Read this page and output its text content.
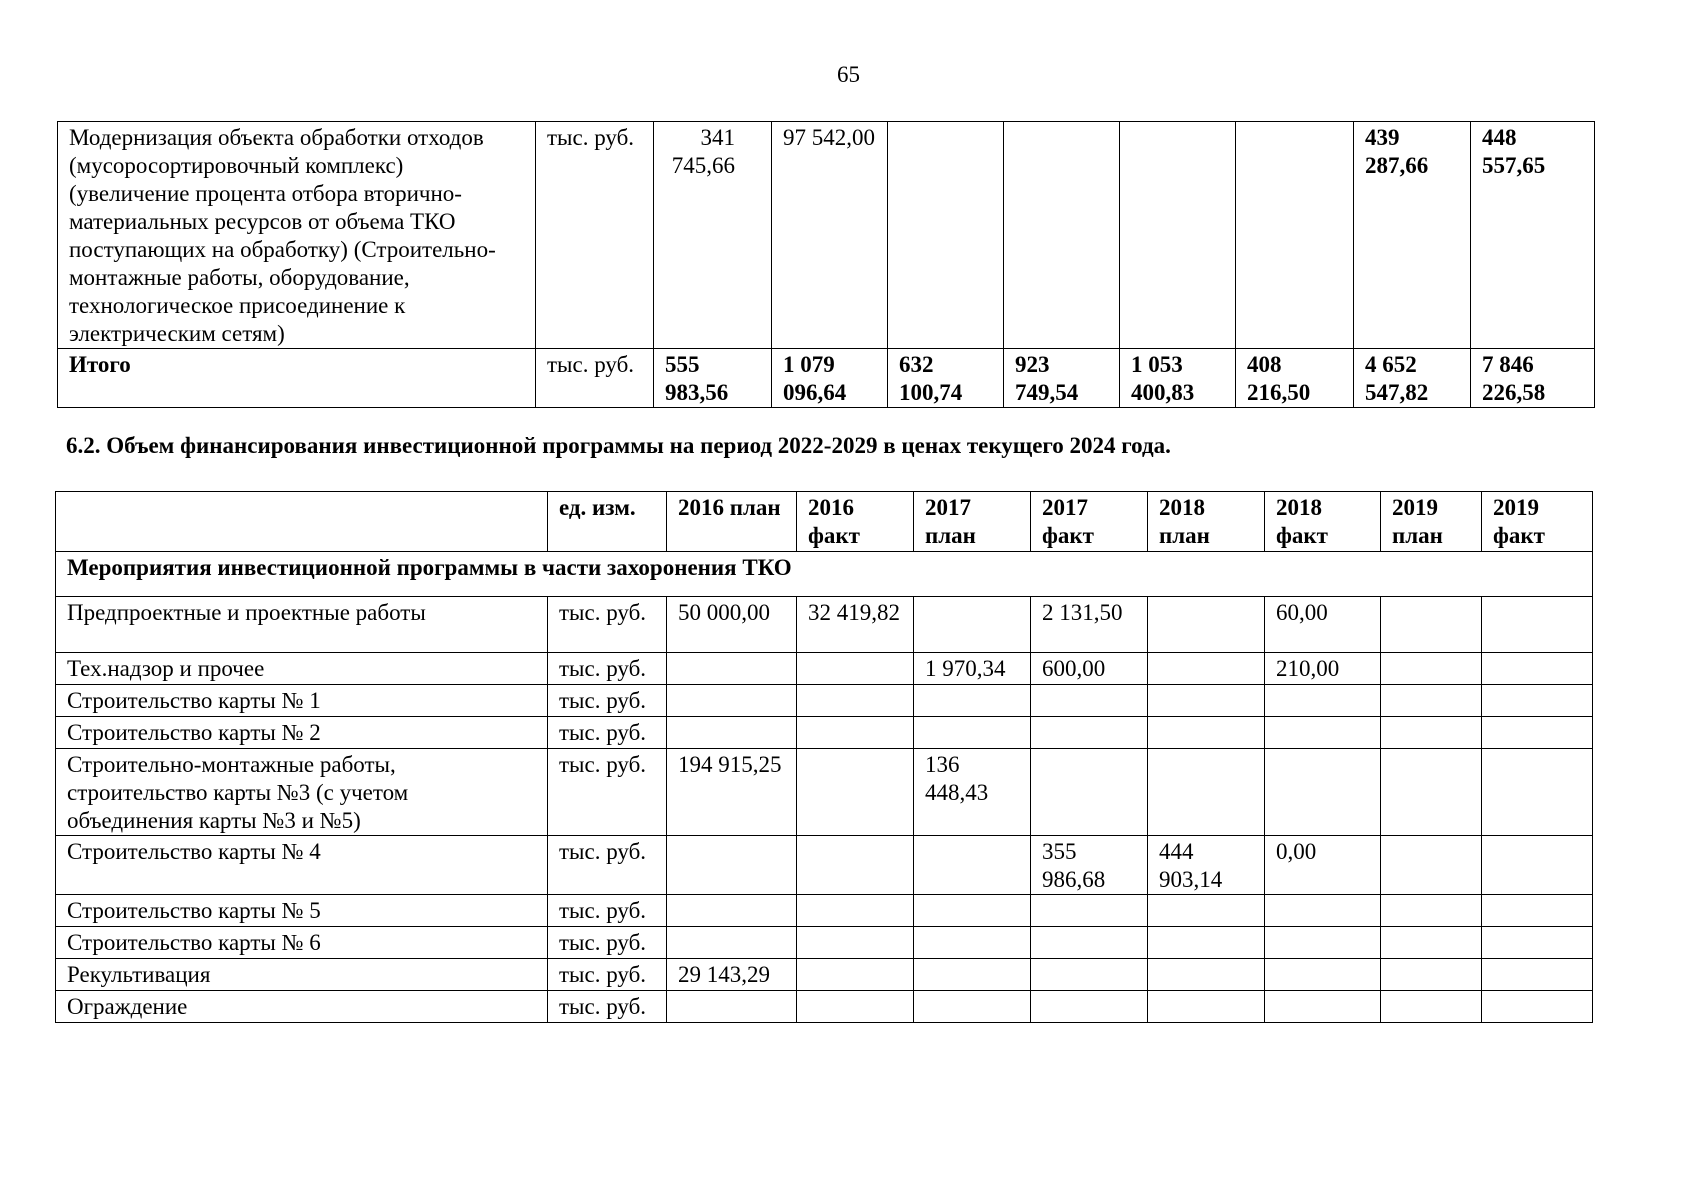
65
Модернизация объекта обработки отходов (мусоросортировочный комплекс) (увеличение процента отбора вторично-материальных ресурсов от объема ТКО поступающих на обработку) (Строительно-монтажные работы, оборудование, технологическое присоединение к электрическим сетям)	тыс. руб.	341 745,66	97 542,00					439 287,66	448 557,65
Итого	тыс. руб.	555 983,56	1 079 096,64	632 100,74	923 749,54	1 053 400,83	408 216,50	4 652 547,82	7 846 226,58
6.2. Объем финансирования инвестиционной программы на период 2022-2029 в ценах текущего 2024 года.
	ед. изм.	2016 план	2016 факт	2017 план	2017 факт	2018 план	2018 факт	2019 план	2019 факт
Мероприятия инвестиционной программы в части захоронения ТКО									
Предпроектные и проектные работы	тыс. руб.	50 000,00	32 419,82		2 131,50		60,00		
Тех.надзор и прочее	тыс. руб.			1 970,34	600,00		210,00		
Строительство карты № 1	тыс. руб.								
Строительство карты № 2	тыс. руб.								
Строительно-монтажные работы, строительство карты №3 (с учетом объединения карты №3 и №5)	тыс. руб.	194 915,25		136 448,43					
Строительство карты № 4	тыс. руб.				355 986,68	444 903,14	0,00		
Строительство карты № 5	тыс. руб.								
Строительство карты № 6	тыс. руб.								
Рекультивация	тыс. руб.	29 143,29							
Ограждение	тыс. руб.								
